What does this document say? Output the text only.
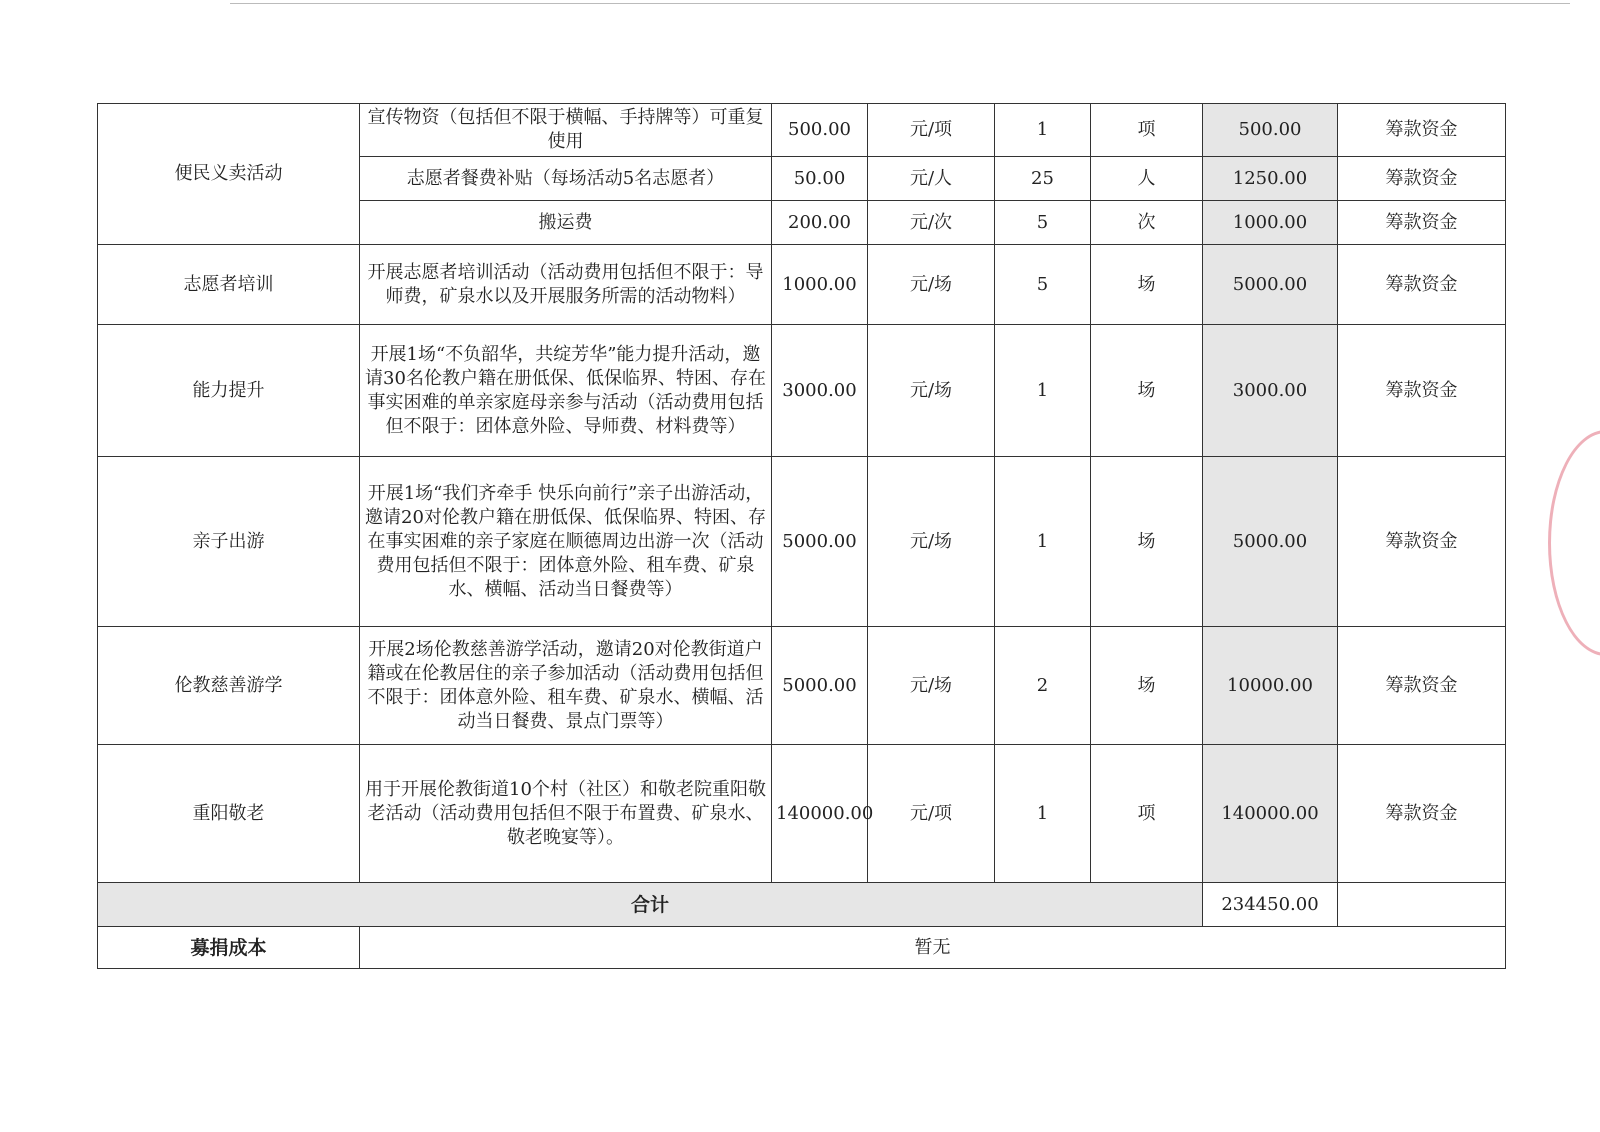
便民义卖活动	宣传物资（包括但不限于横幅、手持牌等）可重复使用	500.00	元/项	1	项	500.00	筹款资金
	志愿者餐费补贴（每场活动5名志愿者）	50.00	元/人	25	人	1250.00	筹款资金
	搬运费	200.00	元/次	5	次	1000.00	筹款资金
志愿者培训	开展志愿者培训活动（活动费用包括但不限于：导师费，矿泉水以及开展服务所需的活动物料）	1000.00	元/场	5	场	5000.00	筹款资金
能力提升	开展1场“不负韶华，共绽芳华”能力提升活动，邀请30名伦教户籍在册低保、低保临界、特困、存在事实困难的单亲家庭母亲参与活动（活动费用包括但不限于：团体意外险、导师费、材料费等）	3000.00	元/场	1	场	3000.00	筹款资金
亲子出游	开展1场“我们齐牵手 快乐向前行”亲子出游活动，邀请20对伦教户籍在册低保、低保临界、特困、存在事实困难的亲子家庭在顺德周边出游一次（活动费用包括但不限于：团体意外险、租车费、矿泉水、横幅、活动当日餐费等）	5000.00	元/场	1	场	5000.00	筹款资金
伦教慈善游学	开展2场伦教慈善游学活动，邀请20对伦教街道户籍或在伦教居住的亲子参加活动（活动费用包括但不限于：团体意外险、租车费、矿泉水、横幅、活动当日餐费、景点门票等）	5000.00	元/场	2	场	10000.00	筹款资金
重阳敬老	用于开展伦教街道10个村（社区）和敬老院重阳敬老活动（活动费用包括但不限于布置费、矿泉水、敬老晚宴等）。	140000.00	元/项	1	项	140000.00	筹款资金
合计						234450.00	
募捐成本	暂无						
